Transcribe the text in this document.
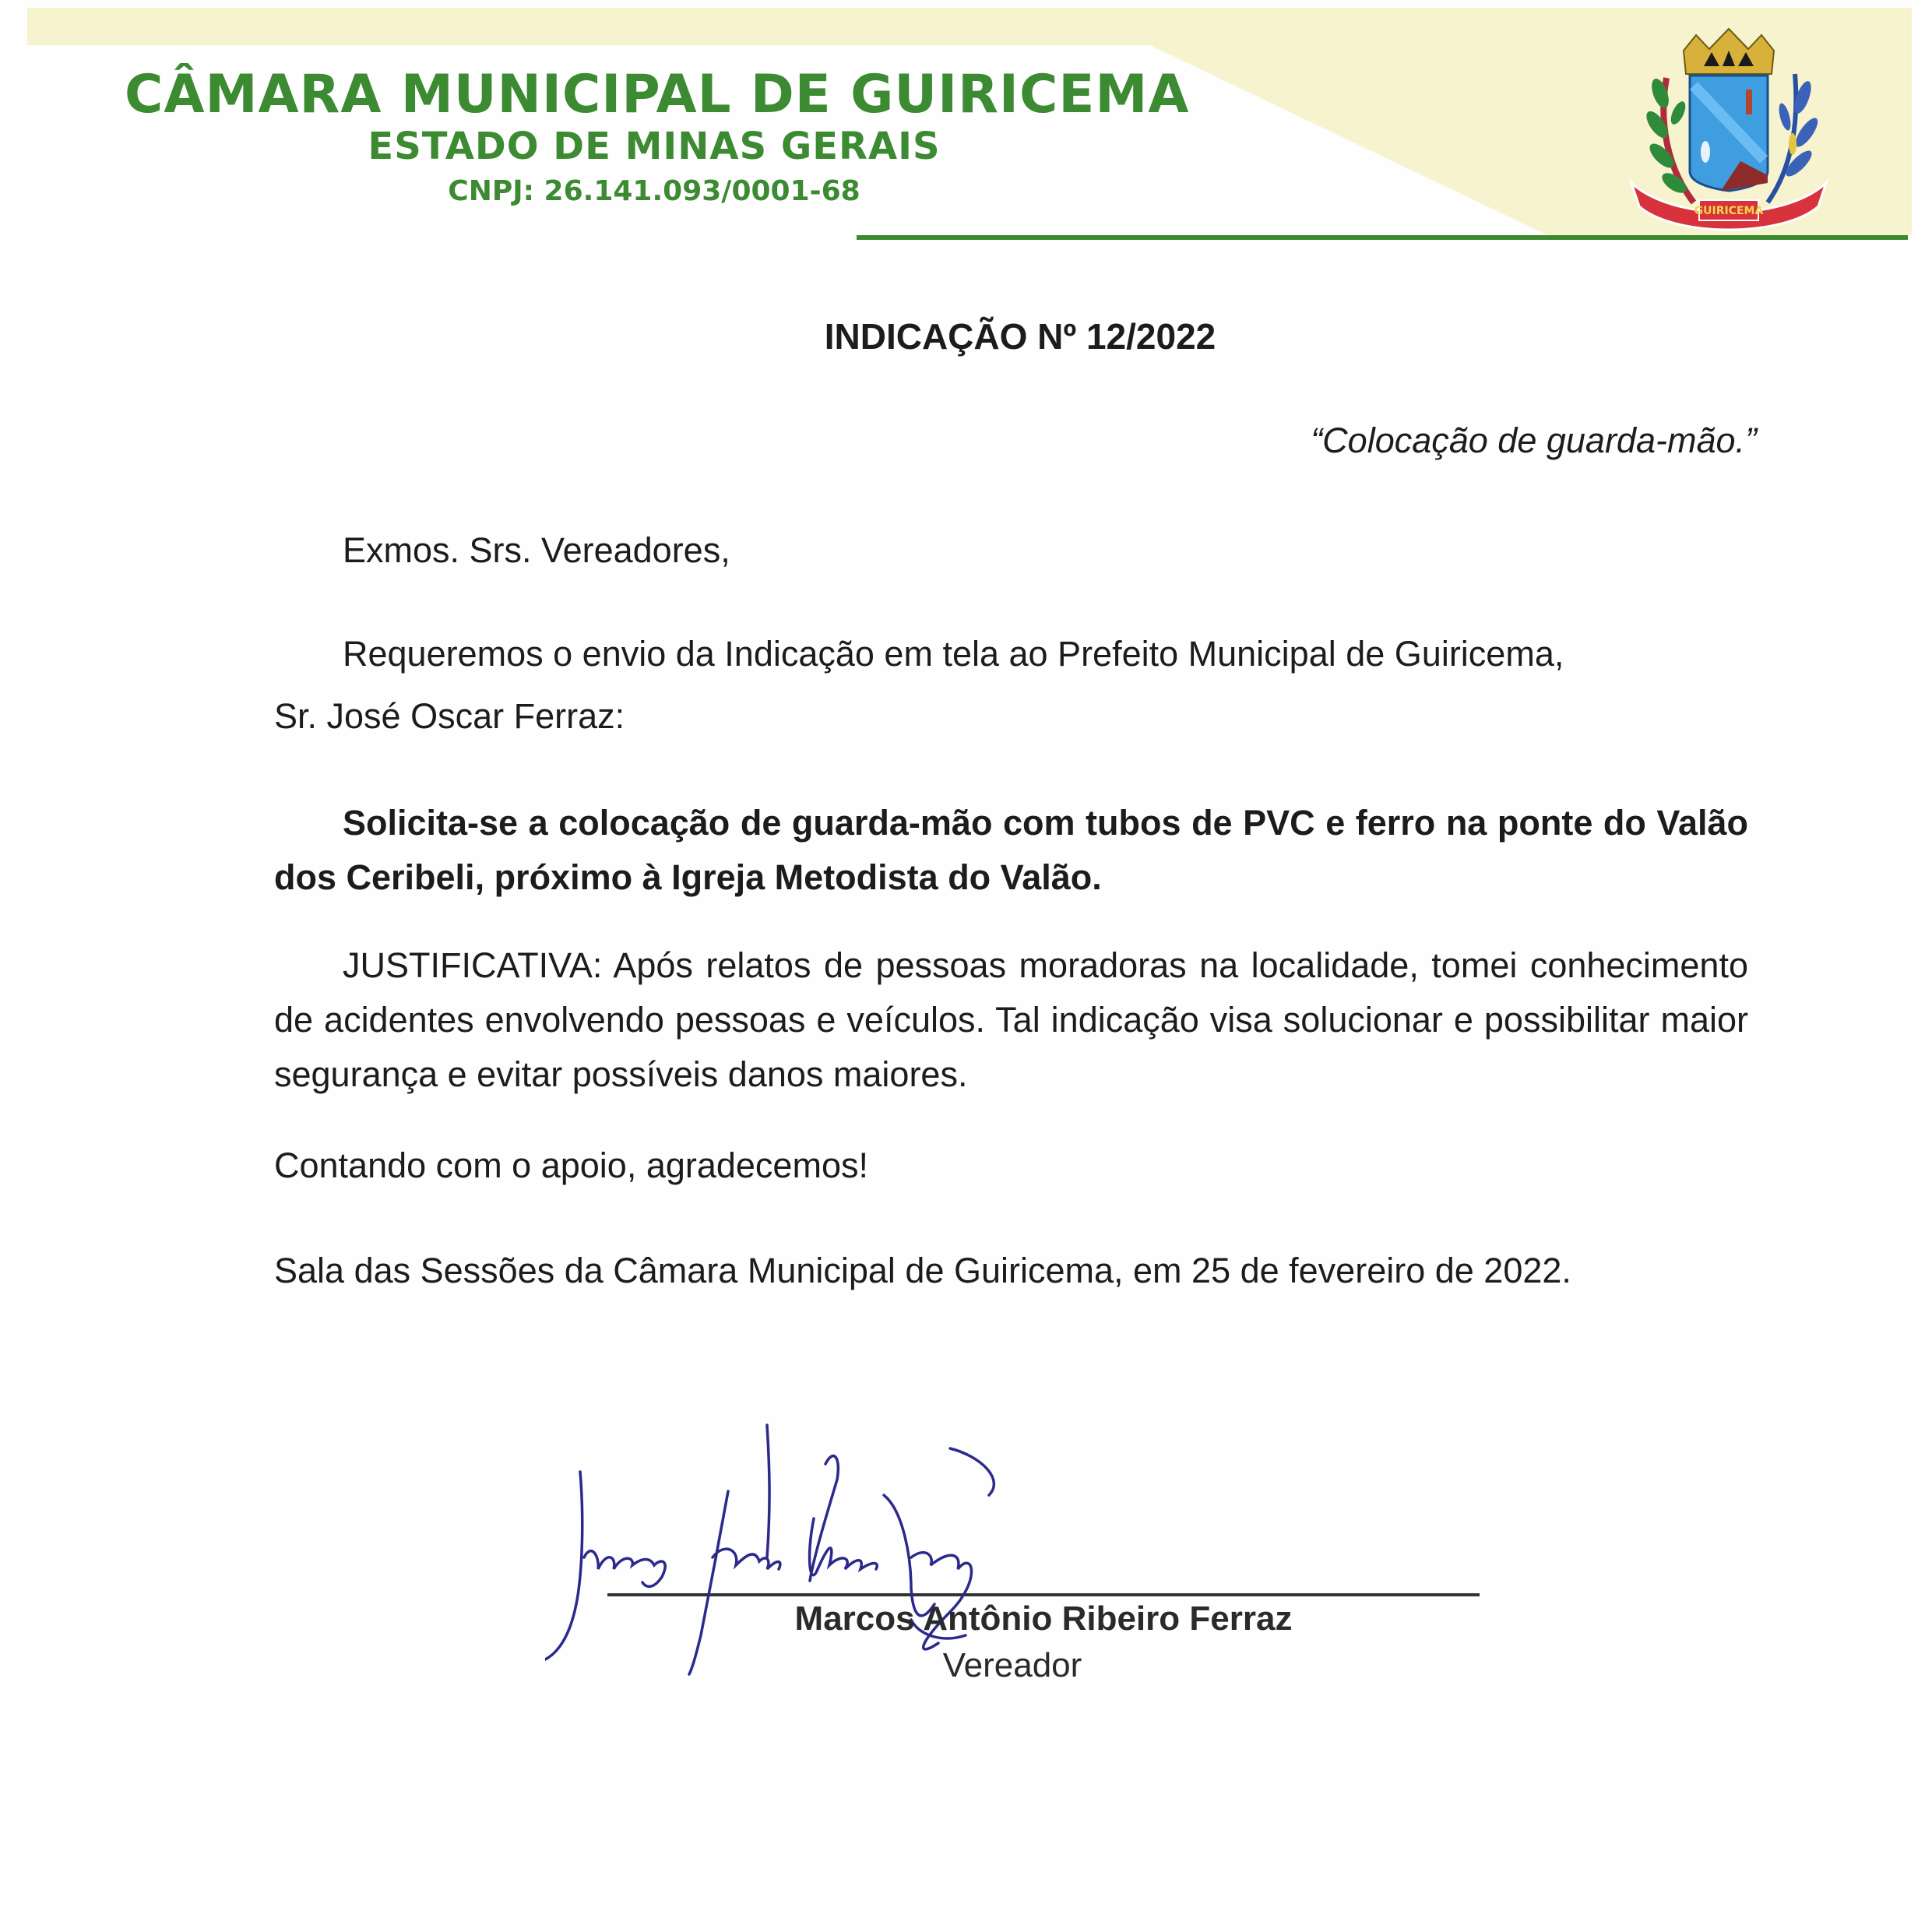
CÂMARA MUNICIPAL DE GUIRICEMA
ESTADO DE MINAS GERAIS
CNPJ: 26.141.093/0001-68
GUIRICEMA
INDICAÇÃO Nº 12/2022
“Colocação de guarda-mão.”
Exmos. Srs. Vereadores,
Requeremos o envio da Indicação em tela ao Prefeito Municipal de Guiricema,
Sr. José Oscar Ferraz:
Solicita-se a colocação de guarda-mão com tubos de PVC e ferro na ponte do Valão dos Ceribeli, próximo à Igreja Metodista do Valão.
JUSTIFICATIVA: Após relatos de pessoas moradoras na localidade, tomei conhecimento de acidentes envolvendo pessoas e veículos. Tal indicação visa solucionar e possibilitar maior segurança e evitar possíveis danos maiores.
Contando com o apoio, agradecemos!
Sala das Sessões da Câmara Municipal de Guiricema, em 25 de fevereiro de 2022.
Marcos Antônio Ribeiro Ferraz
Vereador
